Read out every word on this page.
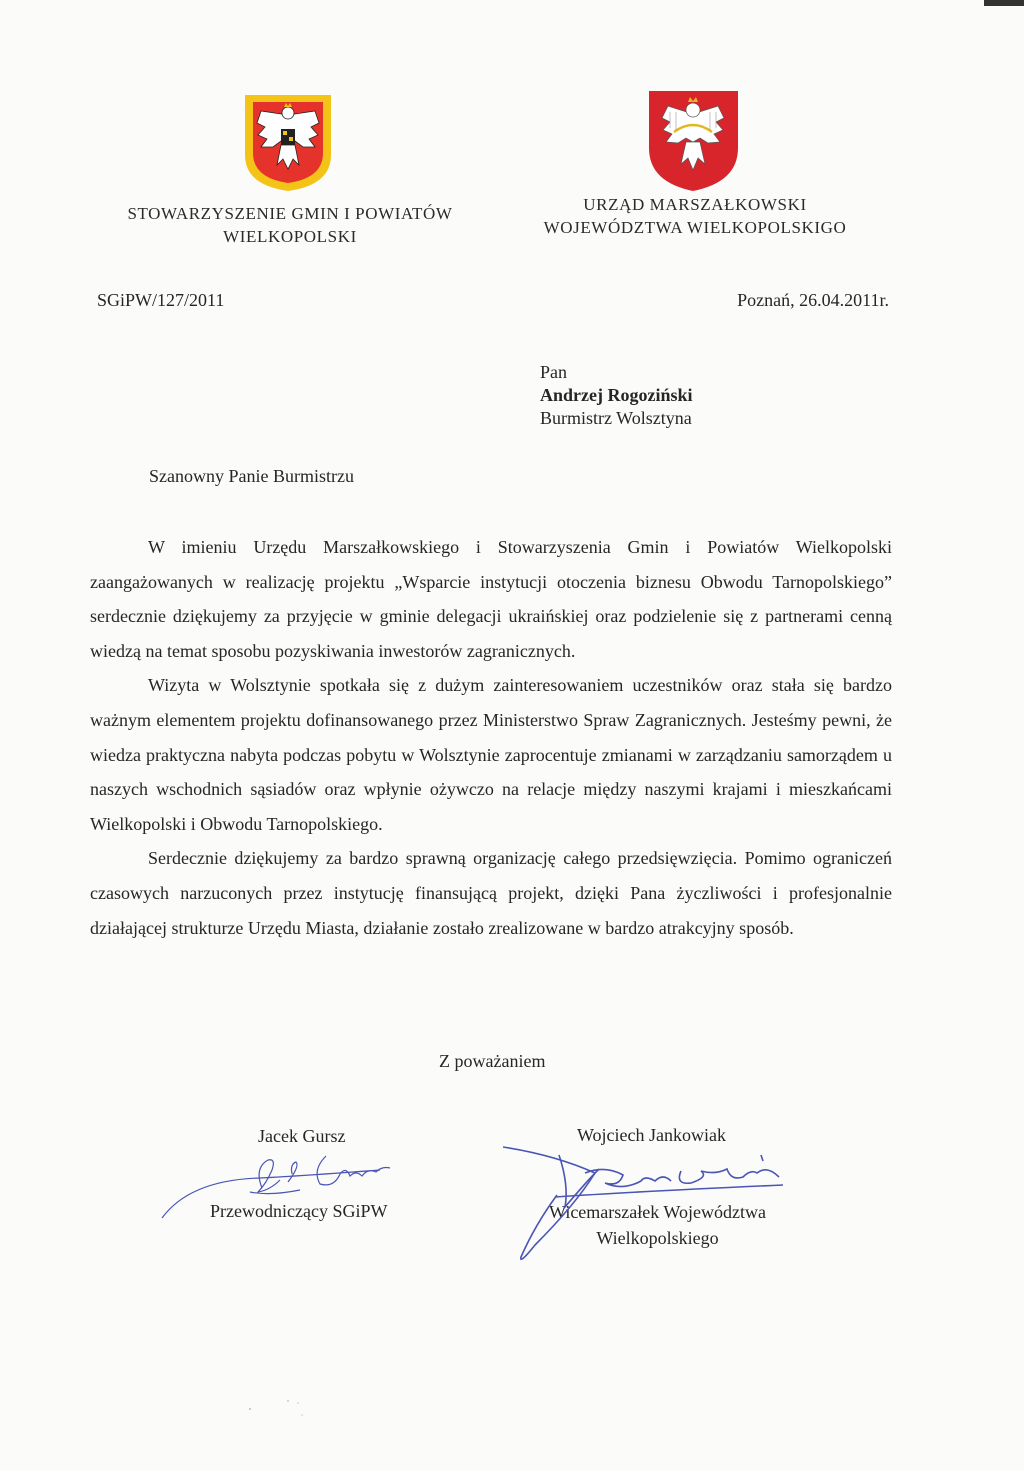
STOWARZYSZENIE GMIN I POWIATÓW
WIELKOPOLSKI
URZĄD MARSZAŁKOWSKI
WOJEWÓDZTWA WIELKOPOLSKIGO
SGiPW/127/2011	Poznań, 26.04.2011r.
Pan
Andrzej Rogoziński
Burmistrz Wolsztyna
Szanowny Panie Burmistrzu

W imieniu Urzędu Marszałkowskiego i Stowarzyszenia Gmin i Powiatów Wielkopolski zaangażowanych w realizację projektu „Wsparcie instytucji otoczenia biznesu Obwodu Tarnopolskiego” serdecznie dziękujemy za przyjęcie w gminie delegacji ukraińskiej oraz podzielenie się z partnerami cenną wiedzą na temat sposobu pozyskiwania inwestorów zagranicznych.

Wizyta w Wolsztynie spotkała się z dużym zainteresowaniem uczestników oraz stała się bardzo ważnym elementem projektu dofinansowanego przez Ministerstwo Spraw Zagranicznych. Jesteśmy pewni, że wiedza praktyczna nabyta podczas pobytu w Wolsztynie zaprocentuje zmianami w zarządzaniu samorządem u naszych wschodnich sąsiadów oraz wpłynie ożywczo na relacje między naszymi krajami i mieszkańcami Wielkopolski i Obwodu Tarnopolskiego.

Serdecznie dziękujemy za bardzo sprawną organizację całego przedsięwzięcia. Pomimo ograniczeń czasowych narzuconych przez instytucję finansującą projekt, dzięki Pana życzliwości i profesjonalnie działającej strukturze Urzędu Miasta, działanie zostało zrealizowane w bardzo atrakcyjny sposób.

Z poważaniem
Jacek Gursz
Przewodniczący SGiPW
Wojciech Jankowiak
Wicemarszałek Województwa
Wielkopolskiego
